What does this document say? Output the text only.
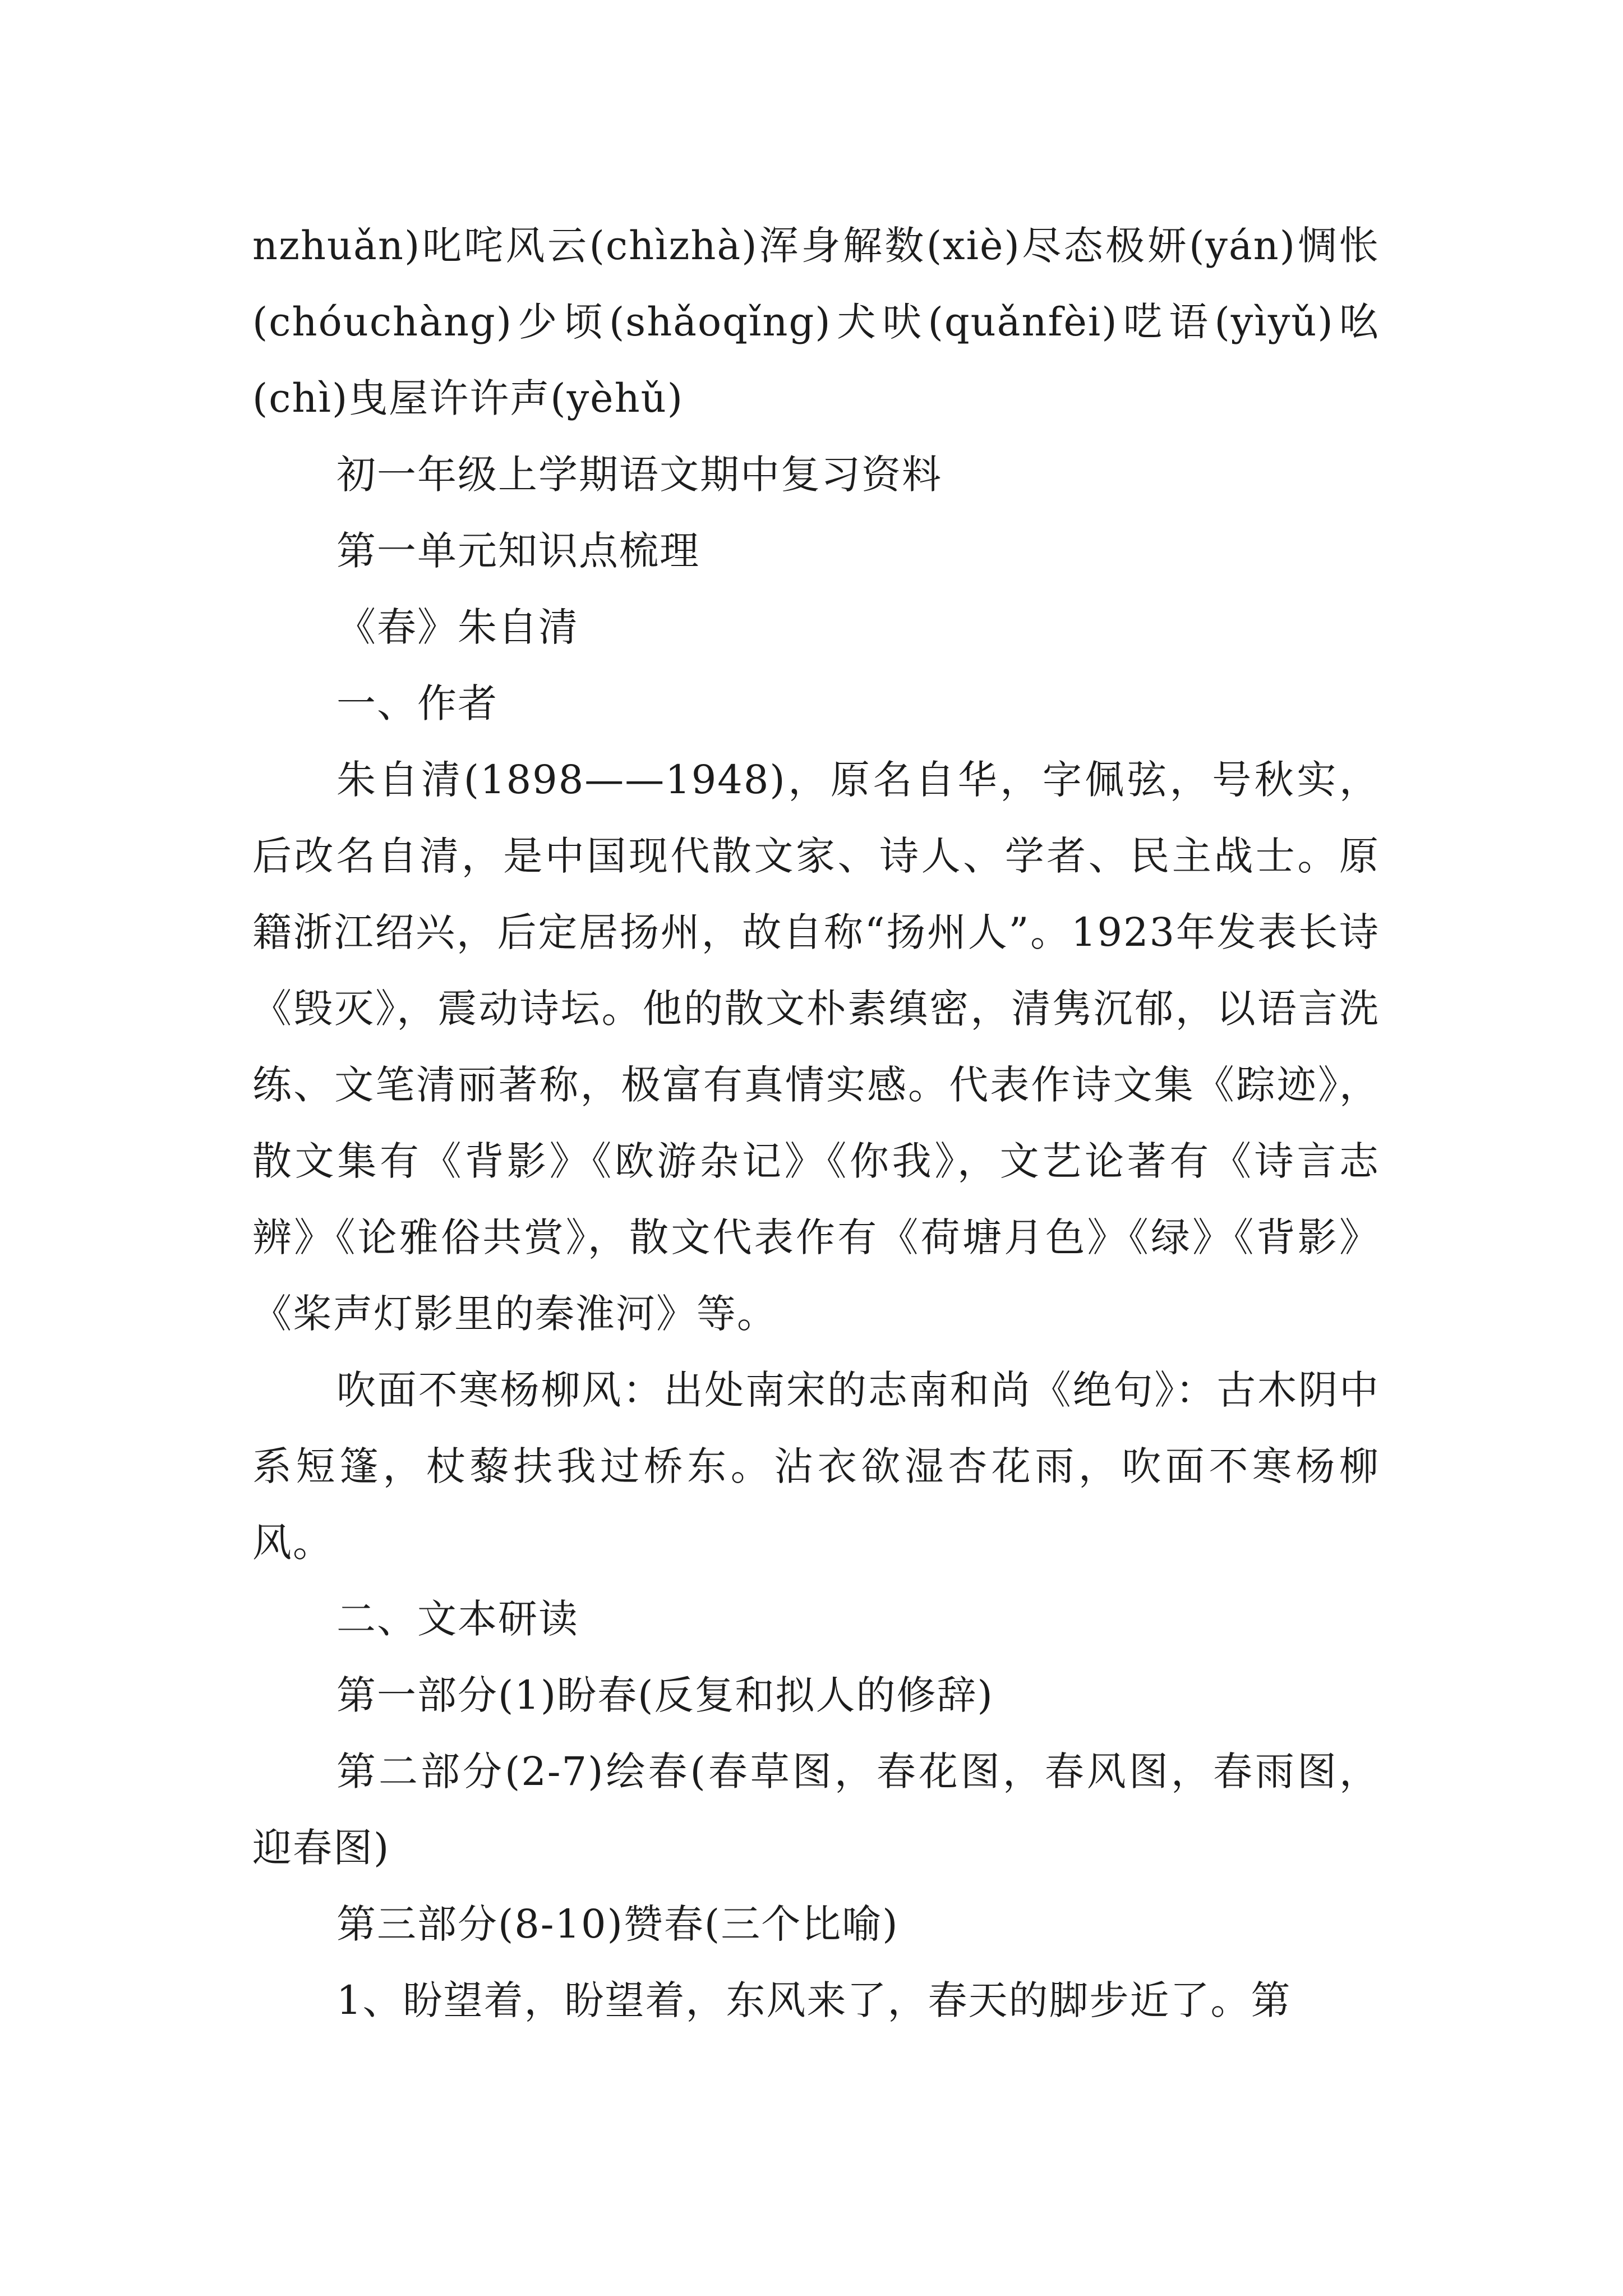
nzhuǎn)叱咤风云(chìzhà)浑身解数(xiè)尽态极妍(yán)惆怅(chóuchàng)少顷(shǎoqǐng)犬吠(quǎnfèi)呓语(yìyǔ)吆(chì)曳屋许许声(yèhǔ)

初一年级上学期语文期中复习资料

第一单元知识点梳理

《春》朱自清

一、作者

朱自清(1898——1948)，原名自华，字佩弦，号秋实，后改名自清，是中国现代散文家、诗人、学者、民主战士。原籍浙江绍兴，后定居扬州，故自称“扬州人”。1923年发表长诗《毁灭》，震动诗坛。他的散文朴素缜密，清隽沉郁，以语言洗练、文笔清丽著称，极富有真情实感。代表作诗文集《踪迹》，散文集有《背影》《欧游杂记》《你我》，文艺论著有《诗言志辨》《论雅俗共赏》，散文代表作有《荷塘月色》《绿》《背影》《桨声灯影里的秦淮河》等。

吹面不寒杨柳风：出处南宋的志南和尚《绝句》：古木阴中系短篷，杖藜扶我过桥东。沾衣欲湿杏花雨，吹面不寒杨柳风。

二、文本研读

第一部分(1)盼春(反复和拟人的修辞)

第二部分(2-7)绘春(春草图，春花图，春风图，春雨图，迎春图)

第三部分(8-10)赞春(三个比喻)

1、盼望着，盼望着，东风来了，春天的脚步近了。第
